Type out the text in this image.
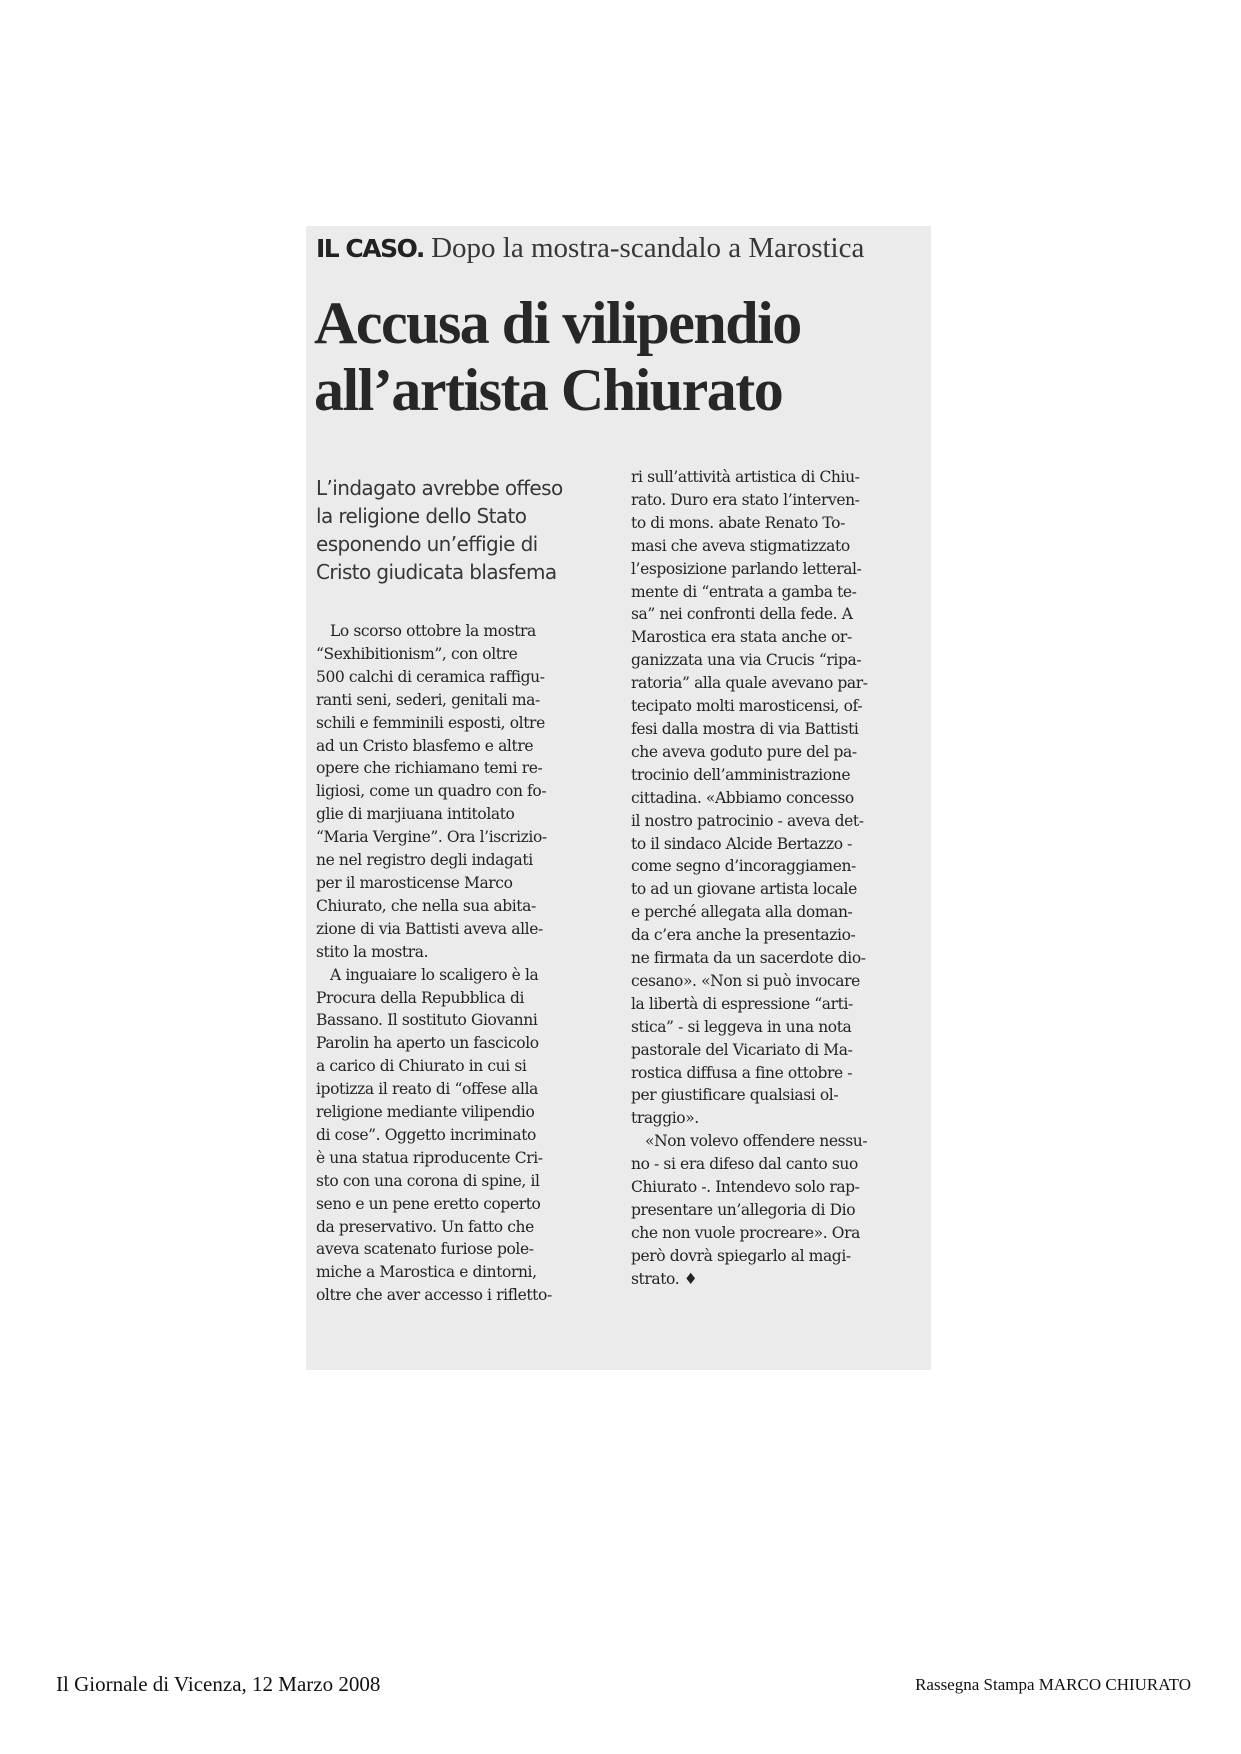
IL CASO. Dopo la mostra-scandalo a Marostica
Accusa di vilipendio
all’artista Chiurato
L’indagato avrebbe offeso
la religione dello Stato
esponendo un’effigie di
Cristo giudicata blasfema
Lo scorso ottobre la mostra
“Sexhibitionism”, con oltre
500 calchi di ceramica raffigu-
ranti seni, sederi, genitali ma-
schili e femminili esposti, oltre
ad un Cristo blasfemo e altre
opere che richiamano temi re-
ligiosi, come un quadro con fo-
glie di marjiuana intitolato
“Maria Vergine”. Ora l’iscrizio-
ne nel registro degli indagati
per il marosticense Marco
Chiurato, che nella sua abita-
zione di via Battisti aveva alle-
stito la mostra.
A inguaiare lo scaligero è la
Procura della Repubblica di
Bassano. Il sostituto Giovanni
Parolin ha aperto un fascicolo
a carico di Chiurato in cui si
ipotizza il reato di “offese alla
religione mediante vilipendio
di cose”. Oggetto incriminato
è una statua riproducente Cri-
sto con una corona di spine, il
seno e un pene eretto coperto
da preservativo. Un fatto che
aveva scatenato furiose pole-
miche a Marostica e dintorni,
oltre che aver accesso i rifletto-
ri sull’attività artistica di Chiu-
rato. Duro era stato l’interven-
to di mons. abate Renato To-
masi che aveva stigmatizzato
l’esposizione parlando letteral-
mente di “entrata a gamba te-
sa” nei confronti della fede. A
Marostica era stata anche or-
ganizzata una via Crucis “ripa-
ratoria” alla quale avevano par-
tecipato molti marosticensi, of-
fesi dalla mostra di via Battisti
che aveva goduto pure del pa-
trocinio dell’amministrazione
cittadina. «Abbiamo concesso
il nostro patrocinio - aveva det-
to il sindaco Alcide Bertazzo -
come segno d’incoraggiamen-
to ad un giovane artista locale
e perché allegata alla doman-
da c’era anche la presentazio-
ne firmata da un sacerdote dio-
cesano». «Non si può invocare
la libertà di espressione “arti-
stica” - si leggeva in una nota
pastorale del Vicariato di Ma-
rostica diffusa a fine ottobre -
per giustificare qualsiasi ol-
traggio».
«Non volevo offendere nessu-
no - si era difeso dal canto suo
Chiurato -. Intendevo solo rap-
presentare un’allegoria di Dio
che non vuole procreare». Ora
però dovrà spiegarlo al magi-
strato. ♦
Il Giornale di Vicenza, 12 Marzo 2008	Rassegna Stampa MARCO CHIURATO
